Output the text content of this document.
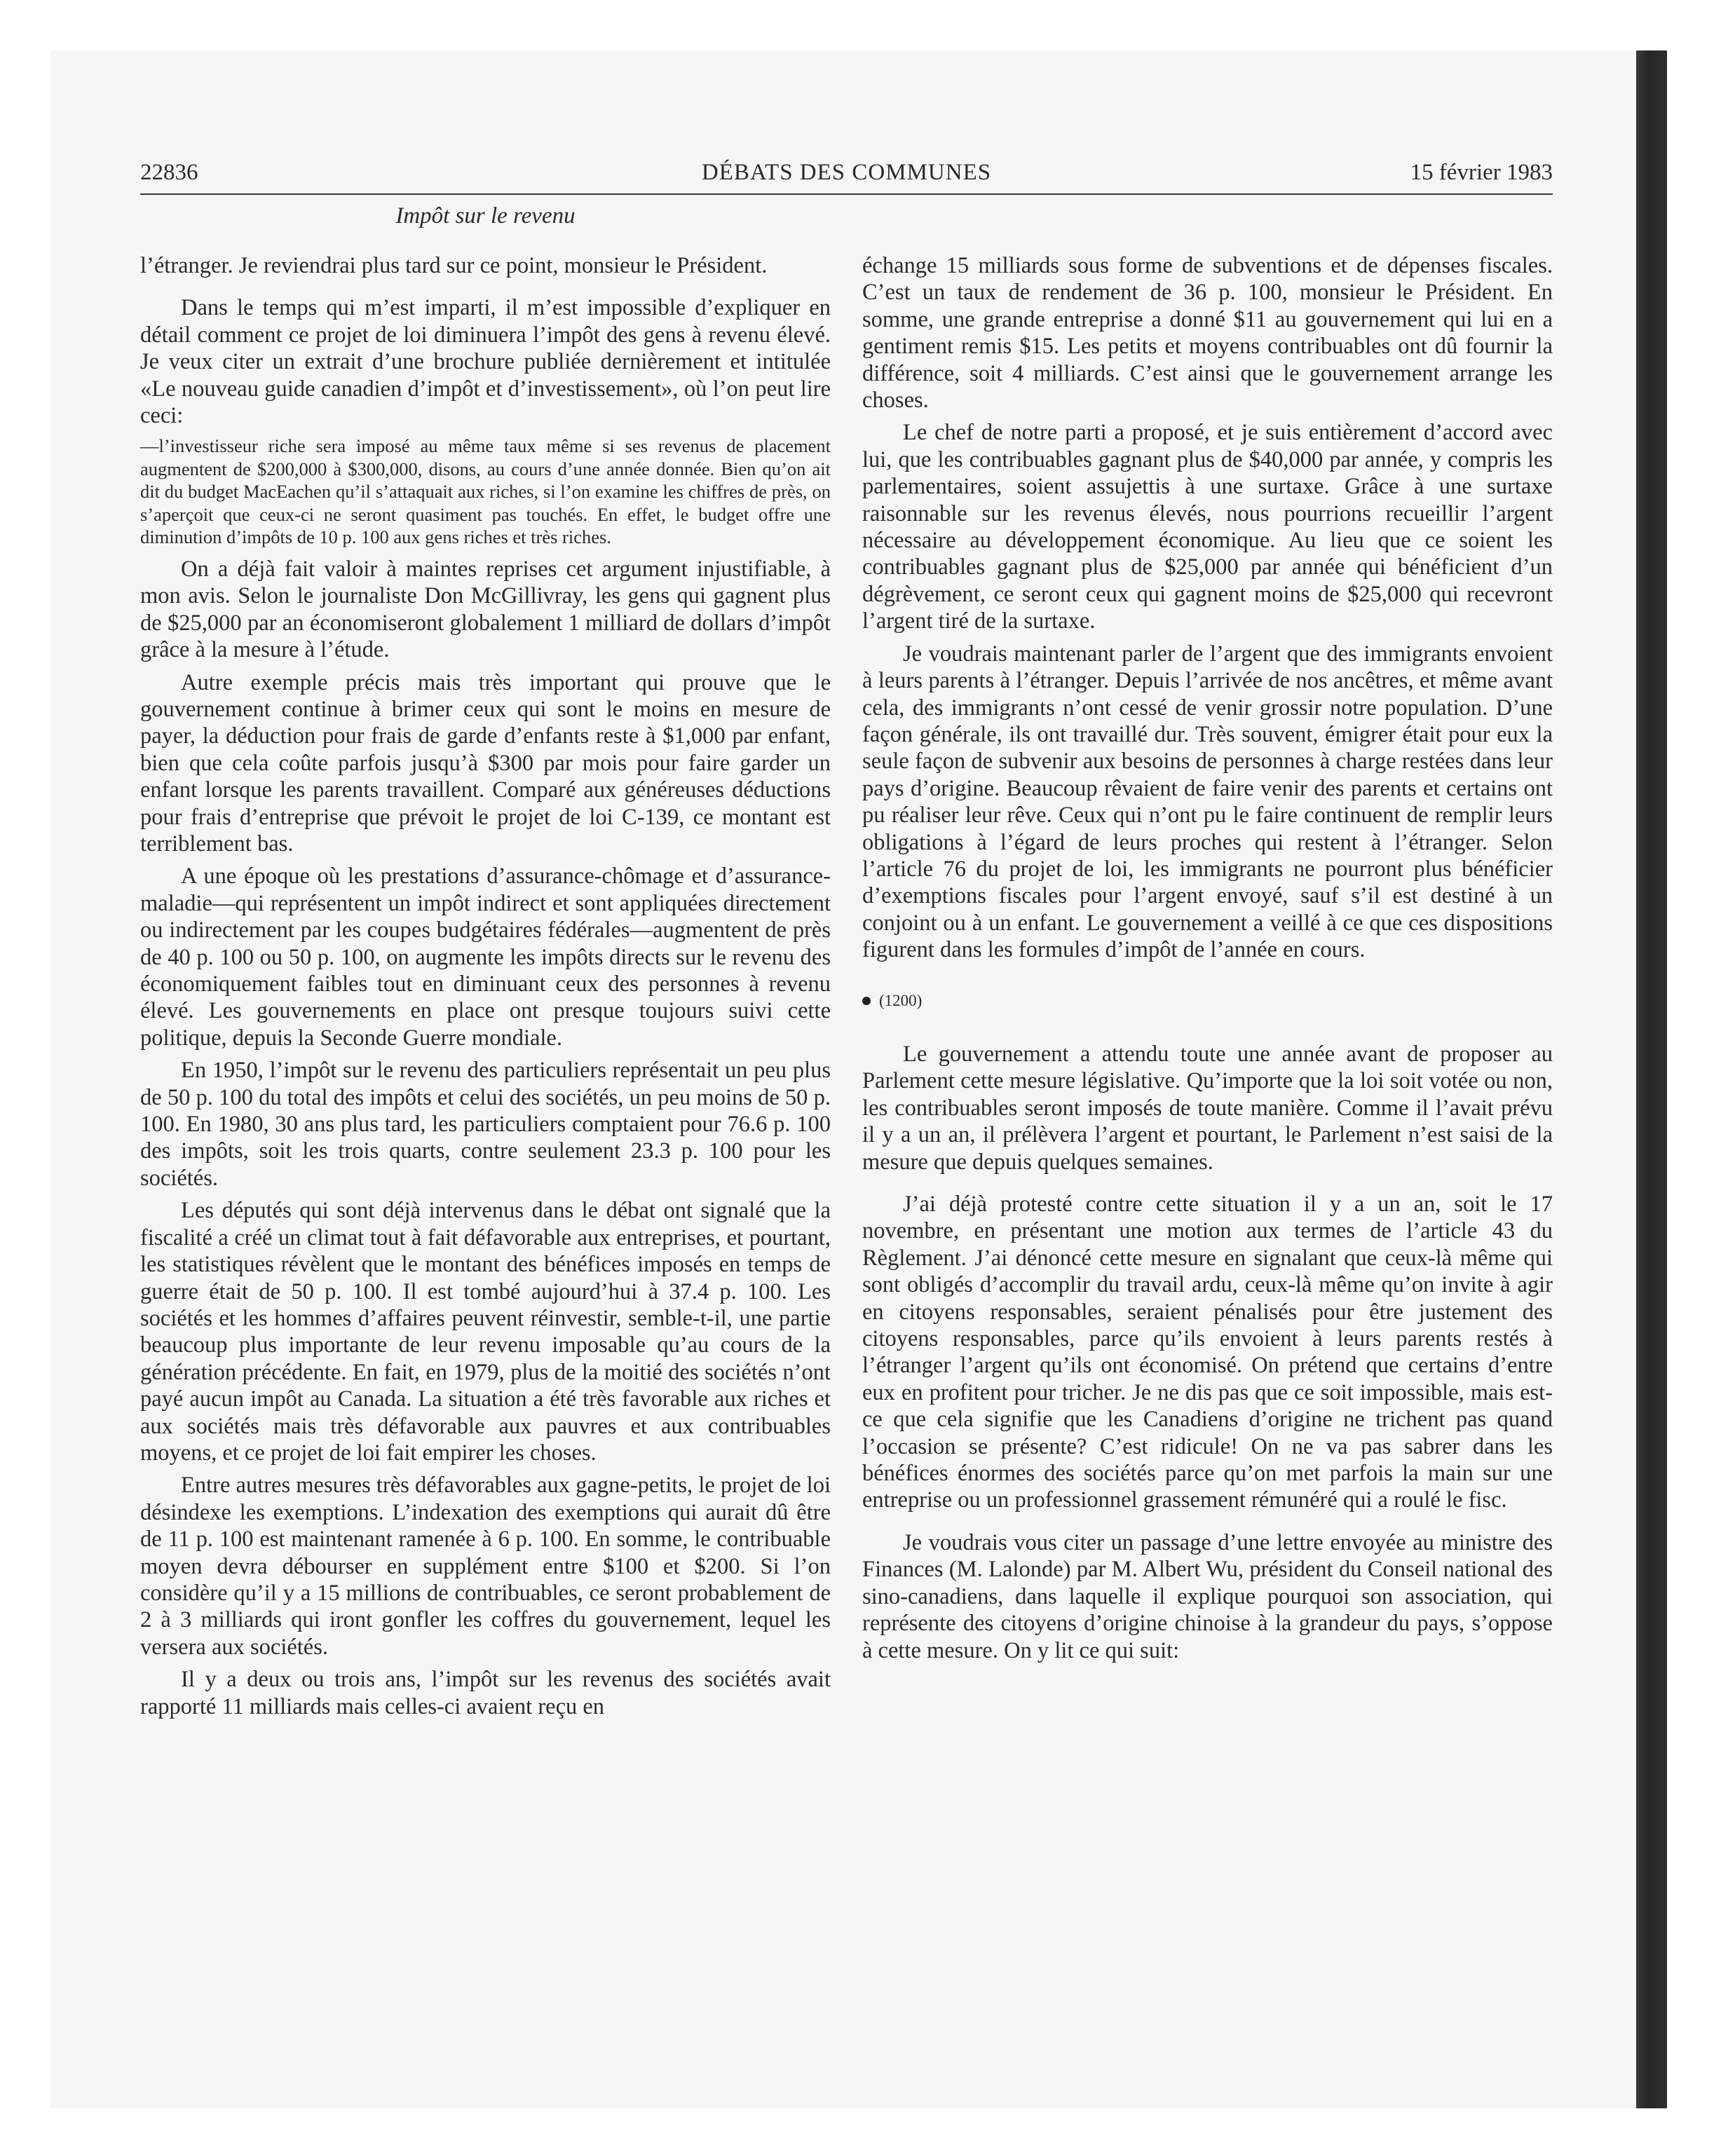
22836	DÉBATS DES COMMUNES	15 février 1983
Impôt sur le revenu

l’étranger. Je reviendrai plus tard sur ce point, monsieur le Président.

Dans le temps qui m’est imparti, il m’est impossible d’expliquer en détail comment ce projet de loi diminuera l’impôt des gens à revenu élevé. Je veux citer un extrait d’une brochure publiée dernièrement et intitulée «Le nouveau guide canadien d’impôt et d’investissement», où l’on peut lire ceci:

—l’investisseur riche sera imposé au même taux même si ses revenus de placement augmentent de $200,000 à $300,000, disons, au cours d’une année donnée. Bien qu’on ait dit du budget MacEachen qu’il s’attaquait aux riches, si l’on examine les chiffres de près, on s’aperçoit que ceux-ci ne seront quasiment pas touchés. En effet, le budget offre une diminution d’impôts de 10 p. 100 aux gens riches et très riches.

On a déjà fait valoir à maintes reprises cet argument injustifiable, à mon avis. Selon le journaliste Don McGillivray, les gens qui gagnent plus de $25,000 par an économiseront globalement 1 milliard de dollars d’impôt grâce à la mesure à l’étude.

Autre exemple précis mais très important qui prouve que le gouvernement continue à brimer ceux qui sont le moins en mesure de payer, la déduction pour frais de garde d’enfants reste à $1,000 par enfant, bien que cela coûte parfois jusqu’à $300 par mois pour faire garder un enfant lorsque les parents travaillent. Comparé aux généreuses déductions pour frais d’entreprise que prévoit le projet de loi C-139, ce montant est terriblement bas.

A une époque où les prestations d’assurance-chômage et d’assurance-maladie—qui représentent un impôt indirect et sont appliquées directement ou indirectement par les coupes budgétaires fédérales—augmentent de près de 40 p. 100 ou 50 p. 100, on augmente les impôts directs sur le revenu des économiquement faibles tout en diminuant ceux des personnes à revenu élevé. Les gouvernements en place ont presque toujours suivi cette politique, depuis la Seconde Guerre mondiale.

En 1950, l’impôt sur le revenu des particuliers représentait un peu plus de 50 p. 100 du total des impôts et celui des sociétés, un peu moins de 50 p. 100. En 1980, 30 ans plus tard, les particuliers comptaient pour 76.6 p. 100 des impôts, soit les trois quarts, contre seulement 23.3 p. 100 pour les sociétés.

Les députés qui sont déjà intervenus dans le débat ont signalé que la fiscalité a créé un climat tout à fait défavorable aux entreprises, et pourtant, les statistiques révèlent que le montant des bénéfices imposés en temps de guerre était de 50 p. 100. Il est tombé aujourd’hui à 37.4 p. 100. Les sociétés et les hommes d’affaires peuvent réinvestir, semble-t-il, une partie beaucoup plus importante de leur revenu imposable qu’au cours de la génération précédente. En fait, en 1979, plus de la moitié des sociétés n’ont payé aucun impôt au Canada. La situation a été très favorable aux riches et aux sociétés mais très défavorable aux pauvres et aux contribuables moyens, et ce projet de loi fait empirer les choses.

Entre autres mesures très défavorables aux gagne-petits, le projet de loi désindexe les exemptions. L’indexation des exemptions qui aurait dû être de 11 p. 100 est maintenant ramenée à 6 p. 100. En somme, le contribuable moyen devra débourser en supplément entre $100 et $200. Si l’on considère qu’il y a 15 millions de contribuables, ce seront probablement de 2 à 3 milliards qui iront gonfler les coffres du gouvernement, lequel les versera aux sociétés.

Il y a deux ou trois ans, l’impôt sur les revenus des sociétés avait rapporté 11 milliards mais celles-ci avaient reçu en

échange 15 milliards sous forme de subventions et de dépenses fiscales. C’est un taux de rendement de 36 p. 100, monsieur le Président. En somme, une grande entreprise a donné $11 au gouvernement qui lui en a gentiment remis $15. Les petits et moyens contribuables ont dû fournir la différence, soit 4 milliards. C’est ainsi que le gouvernement arrange les choses.

Le chef de notre parti a proposé, et je suis entièrement d’accord avec lui, que les contribuables gagnant plus de $40,000 par année, y compris les parlementaires, soient assujettis à une surtaxe. Grâce à une surtaxe raisonnable sur les revenus élevés, nous pourrions recueillir l’argent nécessaire au développement économique. Au lieu que ce soient les contribuables gagnant plus de $25,000 par année qui bénéficient d’un dégrèvement, ce seront ceux qui gagnent moins de $25,000 qui recevront l’argent tiré de la surtaxe.

Je voudrais maintenant parler de l’argent que des immigrants envoient à leurs parents à l’étranger. Depuis l’arrivée de nos ancêtres, et même avant cela, des immigrants n’ont cessé de venir grossir notre population. D’une façon générale, ils ont travaillé dur. Très souvent, émigrer était pour eux la seule façon de subvenir aux besoins de personnes à charge restées dans leur pays d’origine. Beaucoup rêvaient de faire venir des parents et certains ont pu réaliser leur rêve. Ceux qui n’ont pu le faire continuent de remplir leurs obligations à l’égard de leurs proches qui restent à l’étranger. Selon l’article 76 du projet de loi, les immigrants ne pourront plus bénéficier d’exemptions fiscales pour l’argent envoyé, sauf s’il est destiné à un conjoint ou à un enfant. Le gouvernement a veillé à ce que ces dispositions figurent dans les formules d’impôt de l’année en cours.

(1200)

Le gouvernement a attendu toute une année avant de proposer au Parlement cette mesure législative. Qu’importe que la loi soit votée ou non, les contribuables seront imposés de toute manière. Comme il l’avait prévu il y a un an, il prélèvera l’argent et pourtant, le Parlement n’est saisi de la mesure que depuis quelques semaines.

J’ai déjà protesté contre cette situation il y a un an, soit le 17 novembre, en présentant une motion aux termes de l’article 43 du Règlement. J’ai dénoncé cette mesure en signalant que ceux-là même qui sont obligés d’accomplir du travail ardu, ceux-là même qu’on invite à agir en citoyens responsables, seraient pénalisés pour être justement des citoyens responsables, parce qu’ils envoient à leurs parents restés à l’étranger l’argent qu’ils ont économisé. On prétend que certains d’entre eux en profitent pour tricher. Je ne dis pas que ce soit impossible, mais est-ce que cela signifie que les Canadiens d’origine ne trichent pas quand l’occasion se présente? C’est ridicule! On ne va pas sabrer dans les bénéfices énormes des sociétés parce qu’on met parfois la main sur une entreprise ou un professionnel grassement rémunéré qui a roulé le fisc.

Je voudrais vous citer un passage d’une lettre envoyée au ministre des Finances (M. Lalonde) par M. Albert Wu, président du Conseil national des sino-canadiens, dans laquelle il explique pourquoi son association, qui représente des citoyens d’origine chinoise à la grandeur du pays, s’oppose à cette mesure. On y lit ce qui suit:
